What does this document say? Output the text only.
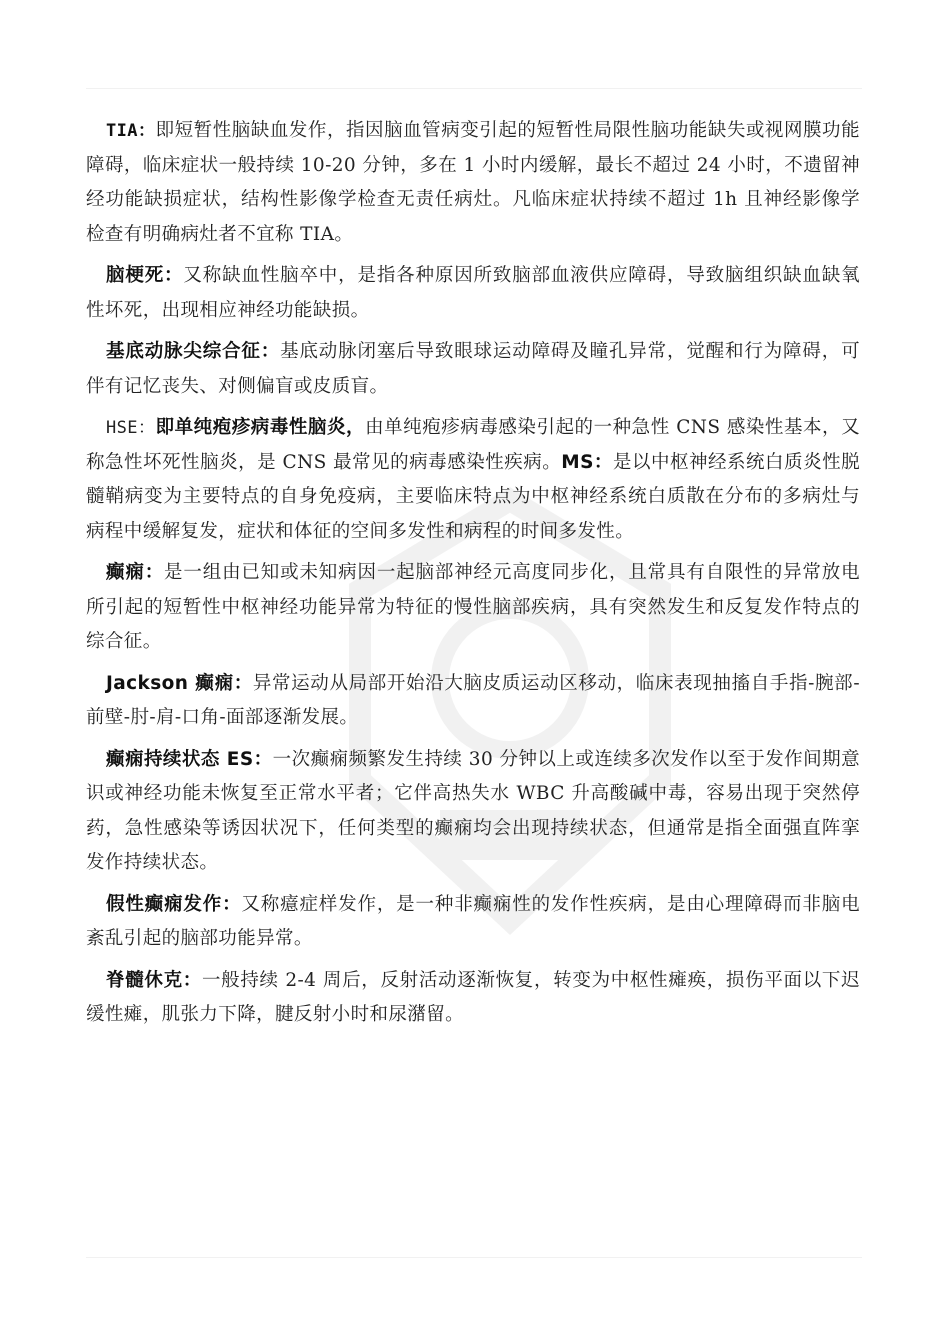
TIA：即短暂性脑缺血发作，指因脑血管病变引起的短暂性局限性脑功能缺失或视网膜功能障碍，临床症状一般持续 10-20 分钟，多在 1 小时内缓解，最长不超过 24 小时，不遗留神经功能缺损症状，结构性影像学检查无责任病灶。凡临床症状持续不超过 1h 且神经影像学检查有明确病灶者不宜称 TIA。

脑梗死：又称缺血性脑卒中，是指各种原因所致脑部血液供应障碍，导致脑组织缺血缺氧性坏死，出现相应神经功能缺损。

基底动脉尖综合征：基底动脉闭塞后导致眼球运动障碍及瞳孔异常，觉醒和行为障碍，可伴有记忆丧失、对侧偏盲或皮质盲。

HSE：即单纯疱疹病毒性脑炎，由单纯疱疹病毒感染引起的一种急性 CNS 感染性基本，又称急性坏死性脑炎，是 CNS 最常见的病毒感染性疾病。MS：是以中枢神经系统白质炎性脱髓鞘病变为主要特点的自身免疫病，主要临床特点为中枢神经系统白质散在分布的多病灶与病程中缓解复发，症状和体征的空间多发性和病程的时间多发性。

癫痫：是一组由已知或未知病因一起脑部神经元高度同步化，且常具有自限性的异常放电所引起的短暂性中枢神经功能异常为特征的慢性脑部疾病，具有突然发生和反复发作特点的综合征。

Jackson 癫痫：异常运动从局部开始沿大脑皮质运动区移动，临床表现抽搐自手指-腕部-前壁-肘-肩-口角-面部逐渐发展。

癫痫持续状态 ES：一次癫痫频繁发生持续 30 分钟以上或连续多次发作以至于发作间期意识或神经功能未恢复至正常水平者；它伴高热失水 WBC 升高酸碱中毒，容易出现于突然停药，急性感染等诱因状况下，任何类型的癫痫均会出现持续状态，但通常是指全面强直阵挛发作持续状态。

假性癫痫发作：又称癔症样发作，是一种非癫痫性的发作性疾病，是由心理障碍而非脑电紊乱引起的脑部功能异常。

脊髓休克：一般持续 2-4 周后，反射活动逐渐恢复，转变为中枢性瘫痪，损伤平面以下迟缓性瘫，肌张力下降，腱反射小时和尿潴留。
